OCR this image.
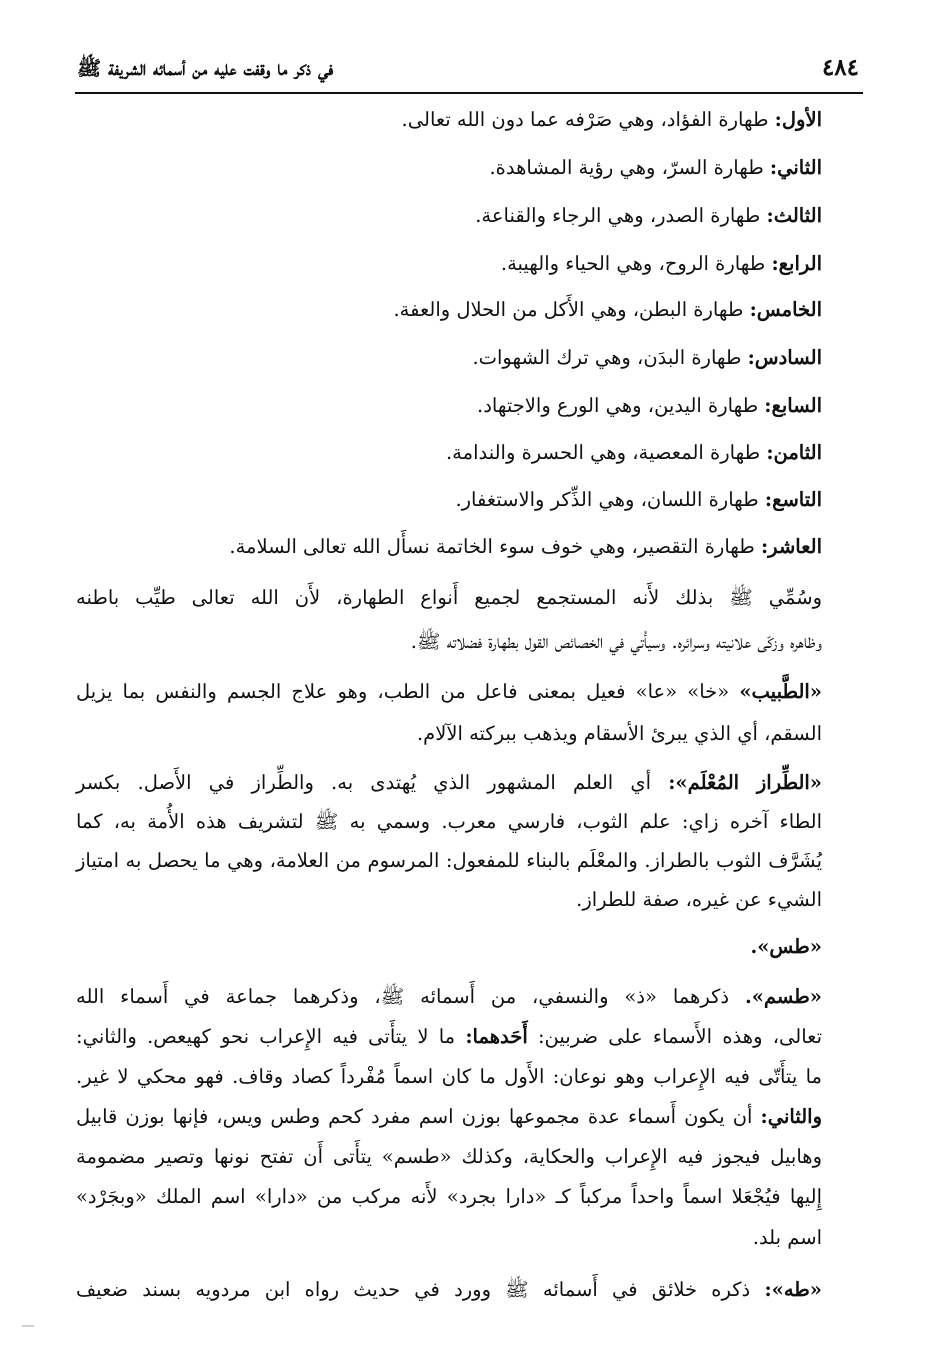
٤٨٤
في ذكر ما وقفت عليه من أسمائه الشريفة ﷺ
الأول: طهارة الفؤاد، وهي صَرْفه عما دون الله تعالى.
الثاني: طهارة السرّ، وهي رؤية المشاهدة.
الثالث: طهارة الصدر، وهي الرجاء والقناعة.
الرابع: طهارة الروح، وهي الحياء والهيبة.
الخامس: طهارة البطن، وهي الأَكل من الحلال والعفة.
السادس: طهارة البدَن، وهي ترك الشهوات.
السابع: طهارة اليدين، وهي الورع والاجتهاد.
الثامن: طهارة المعصية، وهي الحسرة والندامة.
التاسع: طهارة اللسان، وهي الذِّكر والاستغفار.
العاشر: طهارة التقصير، وهي خوف سوء الخاتمة نسأَل الله تعالى السلامة.
وسُمِّي ﷺ بذلك لأَنه المستجمع لجميع أَنواع الطهارة، لأَن الله تعالى طيِّب باطنه
وظاهره وزكّى علانيته وسرائره. وسيأْتي في الخصائص القول بطهارة فضلاته ﷺ.
«الطَّبيب» «خا» «عا» فعيل بمعنى فاعل من الطب، وهو علاج الجسم والنفس بما يزيل
السقم، أي الذي يبرئ الأسقام ويذهب ببركته الآلام.
«الطِّراز المُعْلَم»: أي العلم المشهور الذي يُهتدى به. والطِّراز في الأَصل. بكسر
الطاء آخره زاي: علم الثوب، فارسي معرب. وسمي به ﷺ لتشريف هذه الأُمة به، كما
يُشَرَّف الثوب بالطراز. والمعْلَم بالبناء للمفعول: المرسوم من العلامة، وهي ما يحصل به امتياز
الشيء عن غيره، صفة للطراز.
«طس».
«طسم». ذكرهما «ذ» والنسفي، من أَسمائه ﷺ، وذكرهما جماعة في أَسماء الله
تعالى، وهذه الأَسماء على ضربين: أَحَدهما: ما لا يتأَتى فيه الإِعراب نحو كهيعص. والثاني:
ما يتأَتّى فيه الإِعراب وهو نوعان: الأَول ما كان اسماً مُفْرداً كصاد وقاف. فهو محكي لا غير.
والثاني: أن يكون أَسماء عدة مجموعها بوزن اسم مفرد كحم وطس ويس، فإنها بوزن قابيل
وهابيل فيجوز فيه الإِعراب والحكاية، وكذلك «طسم» يتأَتى أَن تفتح نونها وتصير مضمومة
إِليها فيُجْعَلا اسماً واحداً مركباً كـ «دارا بجرد» لأَنه مركب من «دارا» اسم الملك «وبجَرْد»
اسم بلد.
«طه»: ذكره خلائق في أَسمائه ﷺ وورد في حديث رواه ابن مردويه بسند ضعيف
